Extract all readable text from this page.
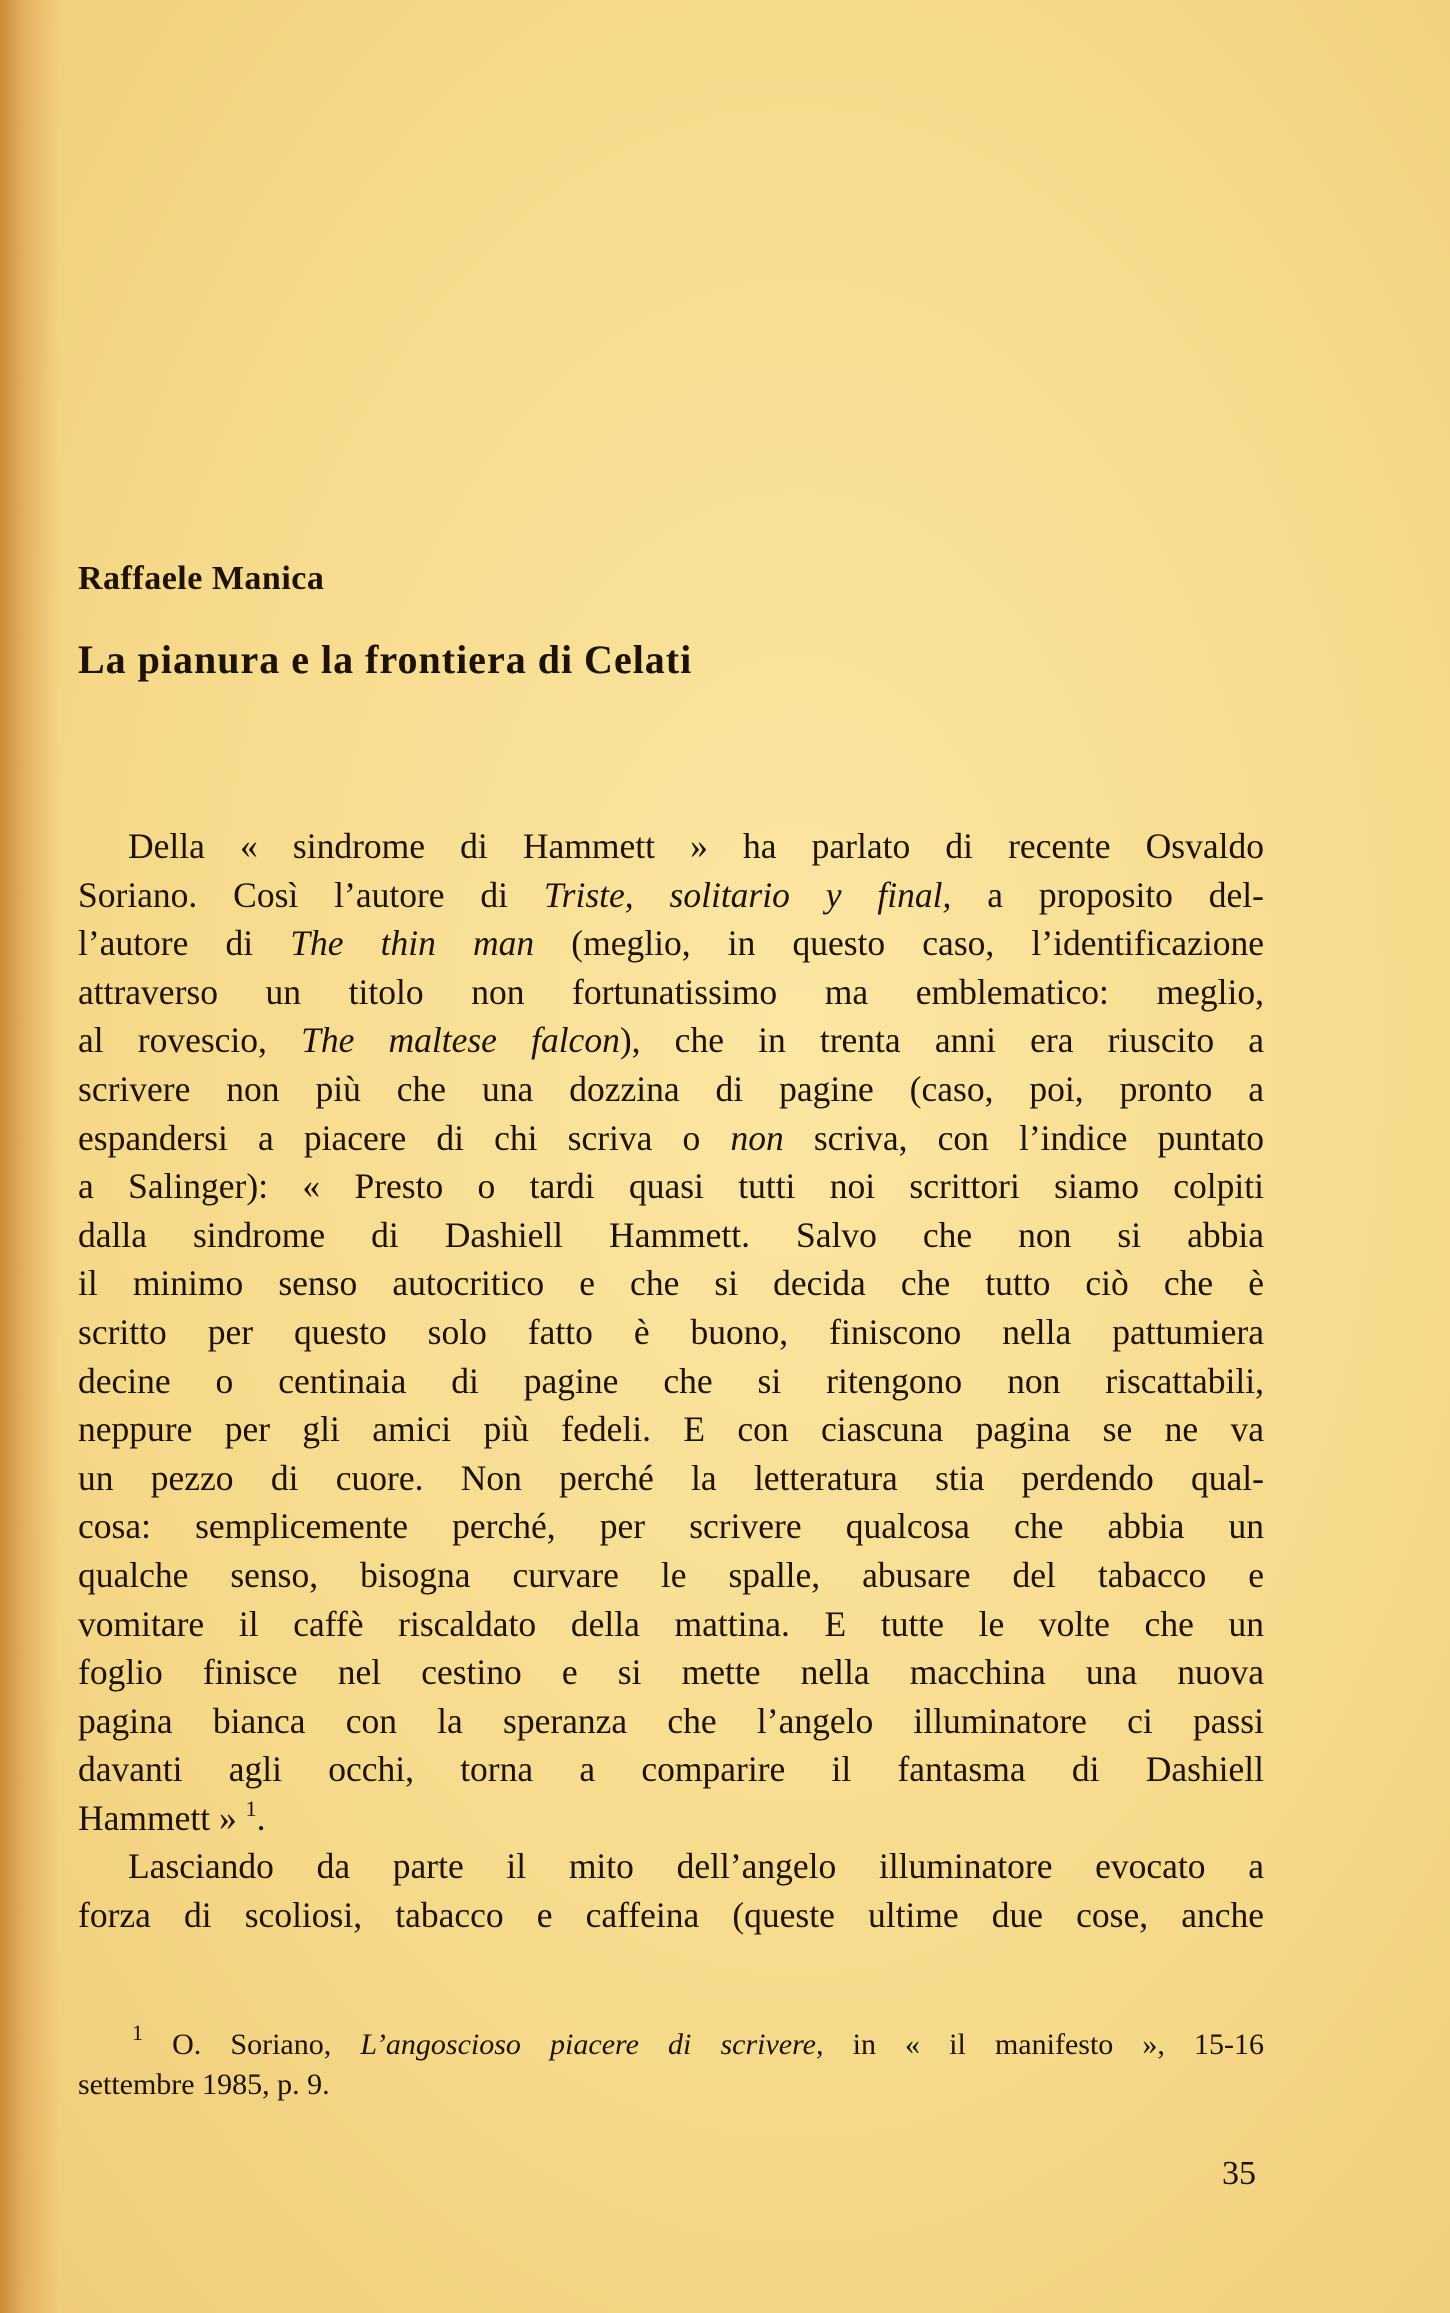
Raffaele Manica
La pianura e la frontiera di Celati
Della « sindrome di Hammett » ha parlato di recente Osvaldo
Soriano. Così l’autore di Triste, solitario y final, a proposito del-
l’autore di The thin man (meglio, in questo caso, l’identificazione
attraverso un titolo non fortunatissimo ma emblematico: meglio,
al rovescio, The maltese falcon), che in trenta anni era riuscito a
scrivere non più che una dozzina di pagine (caso, poi, pronto a
espandersi a piacere di chi scriva o non scriva, con l’indice puntato
a Salinger): « Presto o tardi quasi tutti noi scrittori siamo colpiti
dalla sindrome di Dashiell Hammett. Salvo che non si abbia
il minimo senso autocritico e che si decida che tutto ciò che è
scritto per questo solo fatto è buono, finiscono nella pattumiera
decine o centinaia di pagine che si ritengono non riscattabili,
neppure per gli amici più fedeli. E con ciascuna pagina se ne va
un pezzo di cuore. Non perché la letteratura stia perdendo qual-
cosa: semplicemente perché, per scrivere qualcosa che abbia un
qualche senso, bisogna curvare le spalle, abusare del tabacco e
vomitare il caffè riscaldato della mattina. E tutte le volte che un
foglio finisce nel cestino e si mette nella macchina una nuova
pagina bianca con la speranza che l’angelo illuminatore ci passi
davanti agli occhi, torna a comparire il fantasma di Dashiell
Hammett » $^1$.
Lasciando da parte il mito dell’angelo illuminatore evocato a
forza di scoliosi, tabacco e caffeina (queste ultime due cose, anche
$^1$ O. Soriano, L’angoscioso piacere di scrivere, in « il manifesto », 15-16
settembre 1985, p. 9.
35
